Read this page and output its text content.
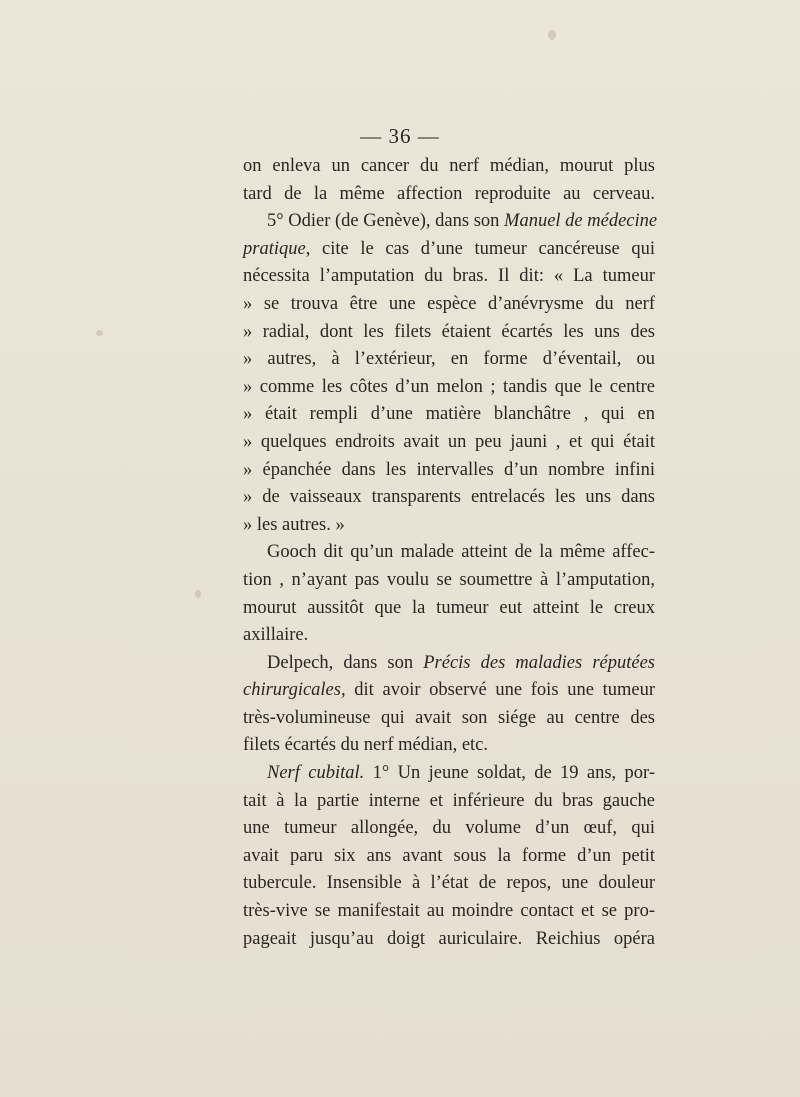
— 36 —
on enleva un cancer du nerf médian, mourut plus
tard de la même affection reproduite au cerveau.
5° Odier (de Genève), dans son Manuel de médecine
pratique, cite le cas d’une tumeur cancéreuse qui
nécessita l’amputation du bras. Il dit: « La tumeur
» se trouva être une espèce d’anévrysme du nerf
» radial, dont les filets étaient écartés les uns des
» autres, à l’extérieur, en forme d’éventail, ou
» comme les côtes d’un melon ; tandis que le centre
» était rempli d’une matière blanchâtre , qui en
» quelques endroits avait un peu jauni , et qui était
» épanchée dans les intervalles d’un nombre infini
» de vaisseaux transparents entrelacés les uns dans
» les autres. »
Gooch dit qu’un malade atteint de la même affec-
tion , n’ayant pas voulu se soumettre à l’amputation,
mourut aussitôt que la tumeur eut atteint le creux
axillaire.
Delpech, dans son Précis des maladies réputées
chirurgicales, dit avoir observé une fois une tumeur
très-volumineuse qui avait son siége au centre des
filets écartés du nerf médian, etc.
Nerf cubital. 1° Un jeune soldat, de 19 ans, por-
tait à la partie interne et inférieure du bras gauche
une tumeur allongée, du volume d’un œuf, qui
avait paru six ans avant sous la forme d’un petit
tubercule. Insensible à l’état de repos, une douleur
très-vive se manifestait au moindre contact et se pro-
pageait jusqu’au doigt auriculaire. Reichius opéra
